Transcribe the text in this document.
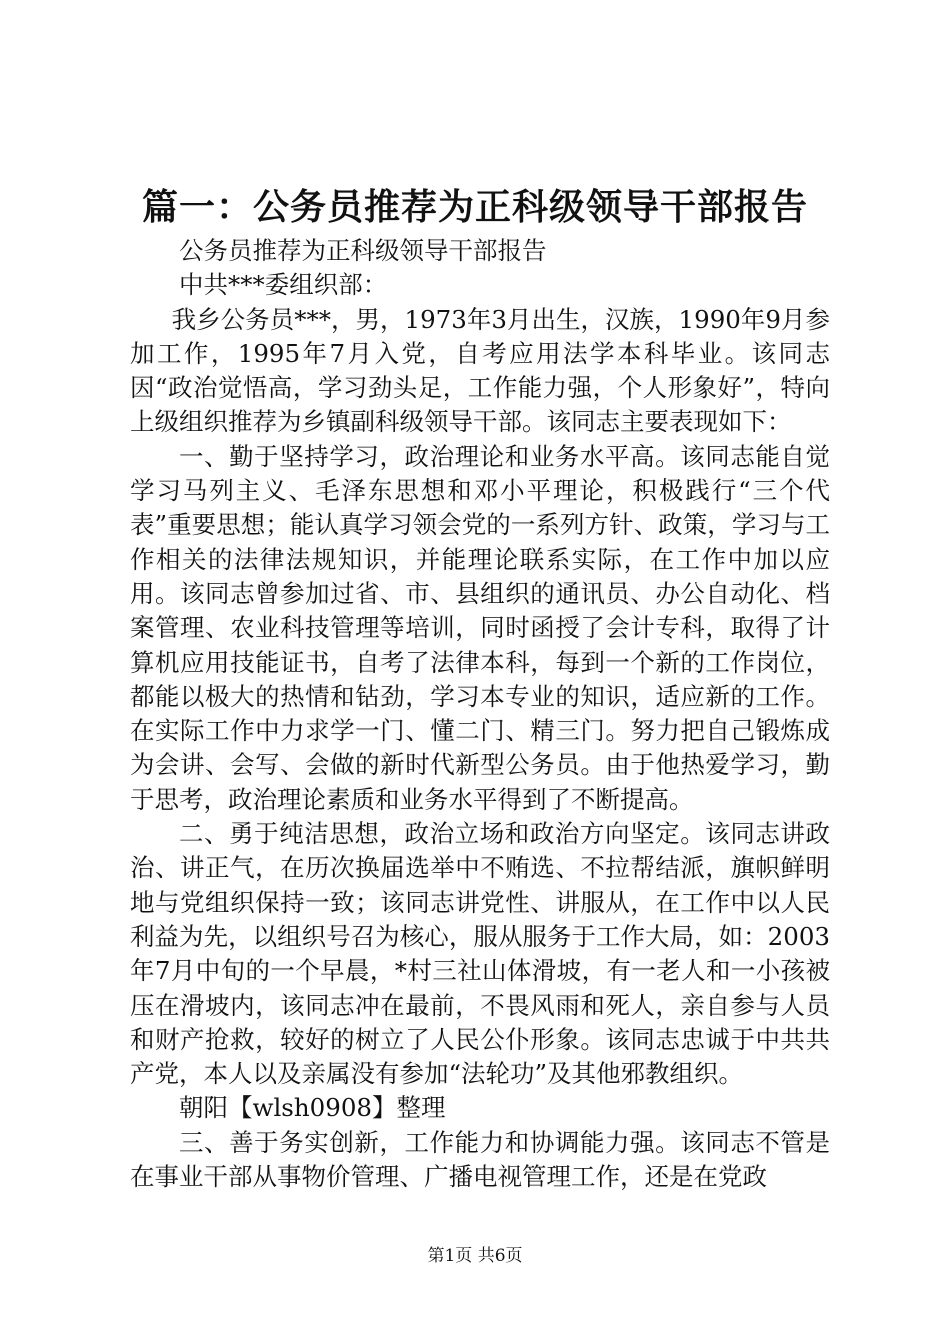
篇一：公务员推荐为正科级领导干部报告

公务员推荐为正科级领导干部报告

中共***委组织部：

我乡公务员***，男，1973年3月出生，汉族，1990年9月参加工作，1995年7月入党，自考应用法学本科毕业。该同志因“政治觉悟高，学习劲头足，工作能力强，个人形象好”，特向上级组织推荐为乡镇副科级领导干部。该同志主要表现如下：

一、勤于坚持学习，政治理论和业务水平高。该同志能自觉学习马列主义、毛泽东思想和邓小平理论，积极践行“三个代表”重要思想；能认真学习领会党的一系列方针、政策，学习与工作相关的法律法规知识，并能理论联系实际，在工作中加以应用。该同志曾参加过省、市、县组织的通讯员、办公自动化、档案管理、农业科技管理等培训，同时函授了会计专科，取得了计算机应用技能证书，自考了法律本科，每到一个新的工作岗位，都能以极大的热情和钻劲，学习本专业的知识，适应新的工作。在实际工作中力求学一门、懂二门、精三门。努力把自己锻炼成为会讲、会写、会做的新时代新型公务员。由于他热爱学习，勤于思考，政治理论素质和业务水平得到了不断提高。

二、勇于纯洁思想，政治立场和政治方向坚定。该同志讲政治、讲正气，在历次换届选举中不贿选、不拉帮结派，旗帜鲜明地与党组织保持一致；该同志讲党性、讲服从，在工作中以人民利益为先，以组织号召为核心，服从服务于工作大局，如：2003年7月中旬的一个早晨，*村三社山体滑坡，有一老人和一小孩被压在滑坡内，该同志冲在最前，不畏风雨和死人，亲自参与人员和财产抢救，较好的树立了人民公仆形象。该同志忠诚于中共共产党，本人以及亲属没有参加“法轮功”及其他邪教组织。

朝阳【wlsh0908】整理

三、善于务实创新，工作能力和协调能力强。该同志不管是在事业干部从事物价管理、广播电视管理工作，还是在党政

第1页 共6页
